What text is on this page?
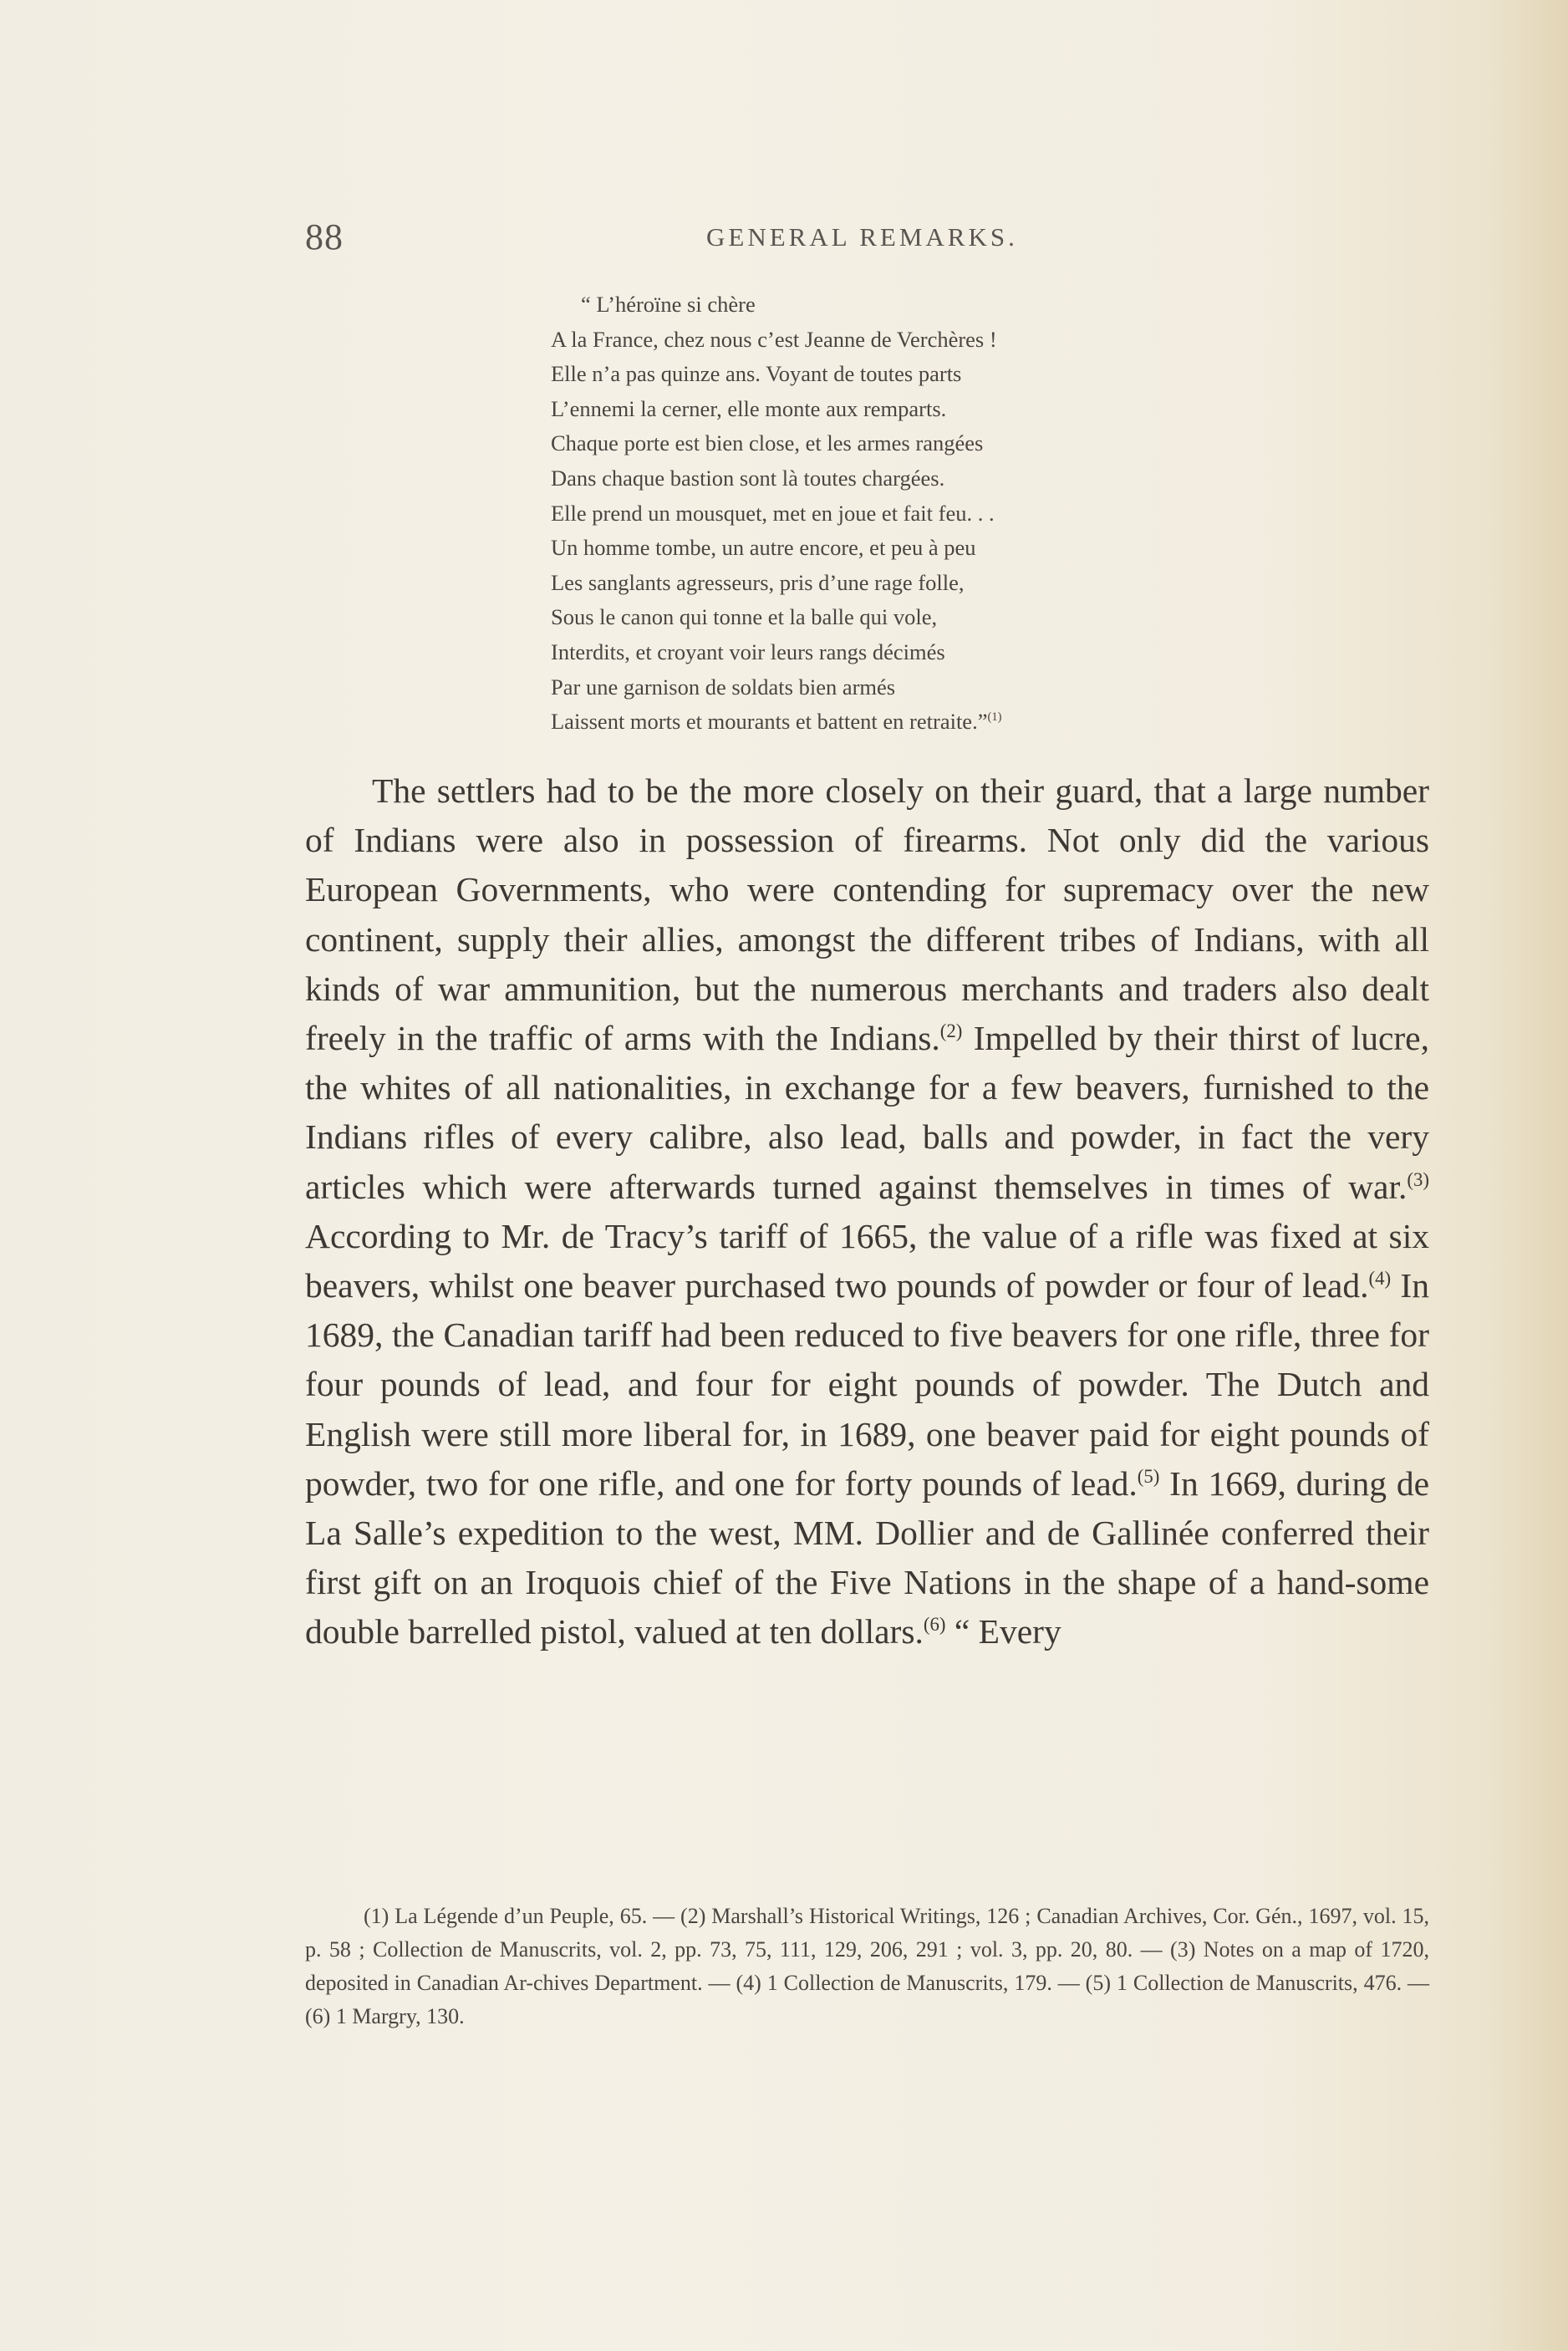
88	GENERAL REMARKS.
“ L’héroïne si chère
A la France, chez nous c’est Jeanne de Verchères !
Elle n’a pas quinze ans. Voyant de toutes parts
L’ennemi la cerner, elle monte aux remparts.
Chaque porte est bien close, et les armes rangées
Dans chaque bastion sont là toutes chargées.
Elle prend un mousquet, met en joue et fait feu. . .
Un homme tombe, un autre encore, et peu à peu
Les sanglants agresseurs, pris d’une rage folle,
Sous le canon qui tonne et la balle qui vole,
Interdits, et croyant voir leurs rangs décimés
Par une garnison de soldats bien armés
Laissent morts et mourants et battent en retraite.”$^{(1)}$

The settlers had to be the more closely on their guard, that a large number of Indians were also in possession of firearms. Not only did the various European Governments, who were contending for supremacy over the new continent, supply their allies, amongst the different tribes of Indians, with all kinds of war ammunition, but the numerous merchants and traders also dealt freely in the traffic of arms with the Indians.$^{(2)}$ Impelled by their thirst of lucre, the whites of all nationalities, in exchange for a few beavers, furnished to the Indians rifles of every calibre, also lead, balls and powder, in fact the very articles which were afterwards turned against themselves in times of war.$^{(3)}$ According to Mr. de Tracy’s tariff of 1665, the value of a rifle was fixed at six beavers, whilst one beaver purchased two pounds of powder or four of lead.$^{(4)}$ In 1689, the Canadian tariff had been reduced to five beavers for one rifle, three for four pounds of lead, and four for eight pounds of powder. The Dutch and English were still more liberal for, in 1689, one beaver paid for eight pounds of powder, two for one rifle, and one for forty pounds of lead.$^{(5)}$ In 1669, during de La Salle’s expedition to the west, MM. Dollier and de Gallinée conferred their first gift on an Iroquois chief of the Five Nations in the shape of a hand-some double barrelled pistol, valued at ten dollars.$^{(6)}$ “ Every

(1) La Légende d’un Peuple, 65. — (2) Marshall’s Historical Writings, 126 ; Canadian Archives, Cor. Gén., 1697, vol. 15, p. 58 ; Collection de Manuscrits, vol. 2, pp. 73, 75, 111, 129, 206, 291 ; vol. 3, pp. 20, 80. — (3) Notes on a map of 1720, deposited in Canadian Ar-chives Department. — (4) 1 Collection de Manuscrits, 179. — (5) 1 Collection de Manuscrits, 476. — (6) 1 Margry, 130.
